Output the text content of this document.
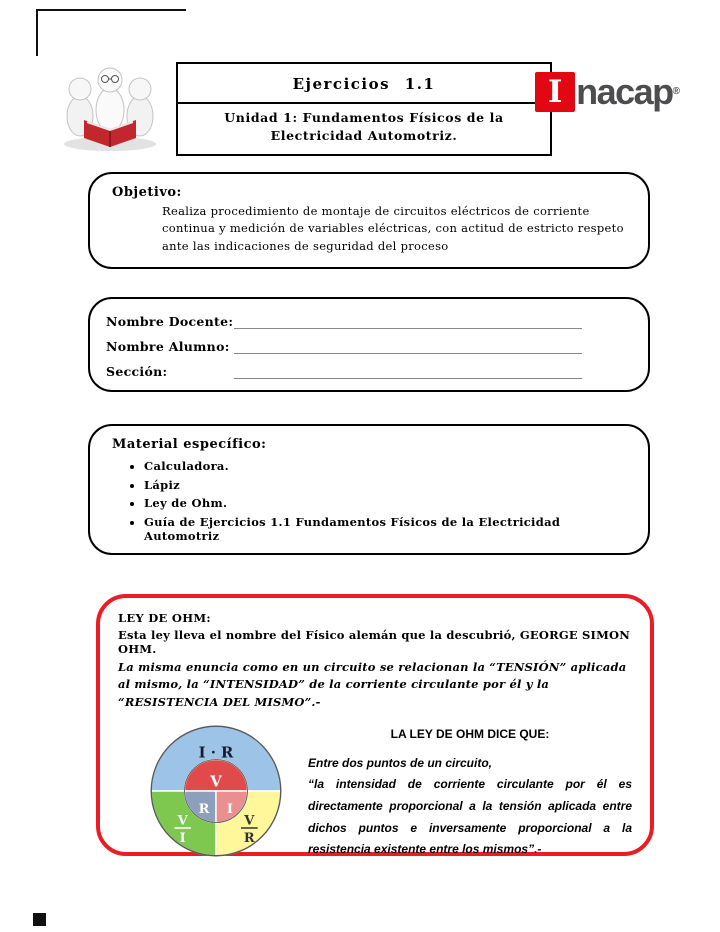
Ejercicios 1.1
Unidad 1: Fundamentos Físicos de la Electricidad Automotriz.
I nacap®
Objetivo:

Realiza procedimiento de montaje de circuitos eléctricos de corriente continua y medición de variables eléctricas, con actitud de estricto respeto ante las indicaciones de seguridad del proceso

Nombre Docente: __________________________________________________________
Nombre Alumno: __________________________________________________________
Sección:	__________________________________________________________
Material específico:
• Calculadora.
• Lápiz
• Ley de Ohm.
• Guía de Ejercicios 1.1 Fundamentos Físicos de la Electricidad Automotriz
LEY DE OHM:
Esta ley lleva el nombre del Físico alemán que la descubrió, GEORGE SIMON OHM.
La misma enuncia como en un circuito se relacionan la “TENSIÓN” aplicada al mismo, la “INTENSIDAD” de la corriente circulante por él y la “RESISTENCIA DEL MISMO”.-
I · R
V
R I
V
I
V
R
LA LEY DE OHM DICE QUE:

Entre dos puntos de un circuito,
“la intensidad de corriente circulante por él es directamente proporcional a la tensión aplicada entre dichos puntos e inversamente proporcional a la resistencia existente entre los mismos”.-
